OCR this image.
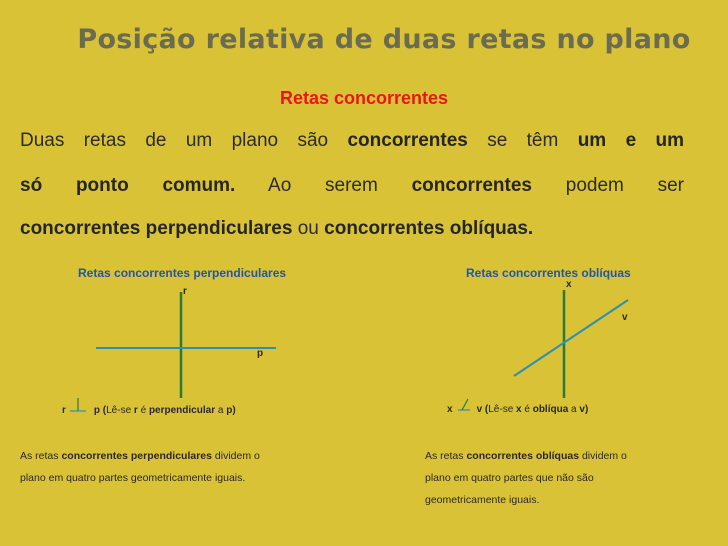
Posição relativa de duas retas no plano
Retas concorrentes
Duas retas de um plano são concorrentes se têm um e um
só ponto comum. Ao serem concorrentes podem ser
concorrentes perpendiculares ou concorrentes oblíquas.
Retas concorrentes perpendiculares	Retas concorrentes oblíquas
r
p
x
v
r	p (Lê-se r é perpendicular a p)	x v (Lê-se x é oblíqua a v)
As retas concorrentes perpendiculares dividem o
plano em quatro partes geometricamente iguais.
As retas concorrentes oblíquas dividem o
plano em quatro partes que não são
geometricamente iguais.
